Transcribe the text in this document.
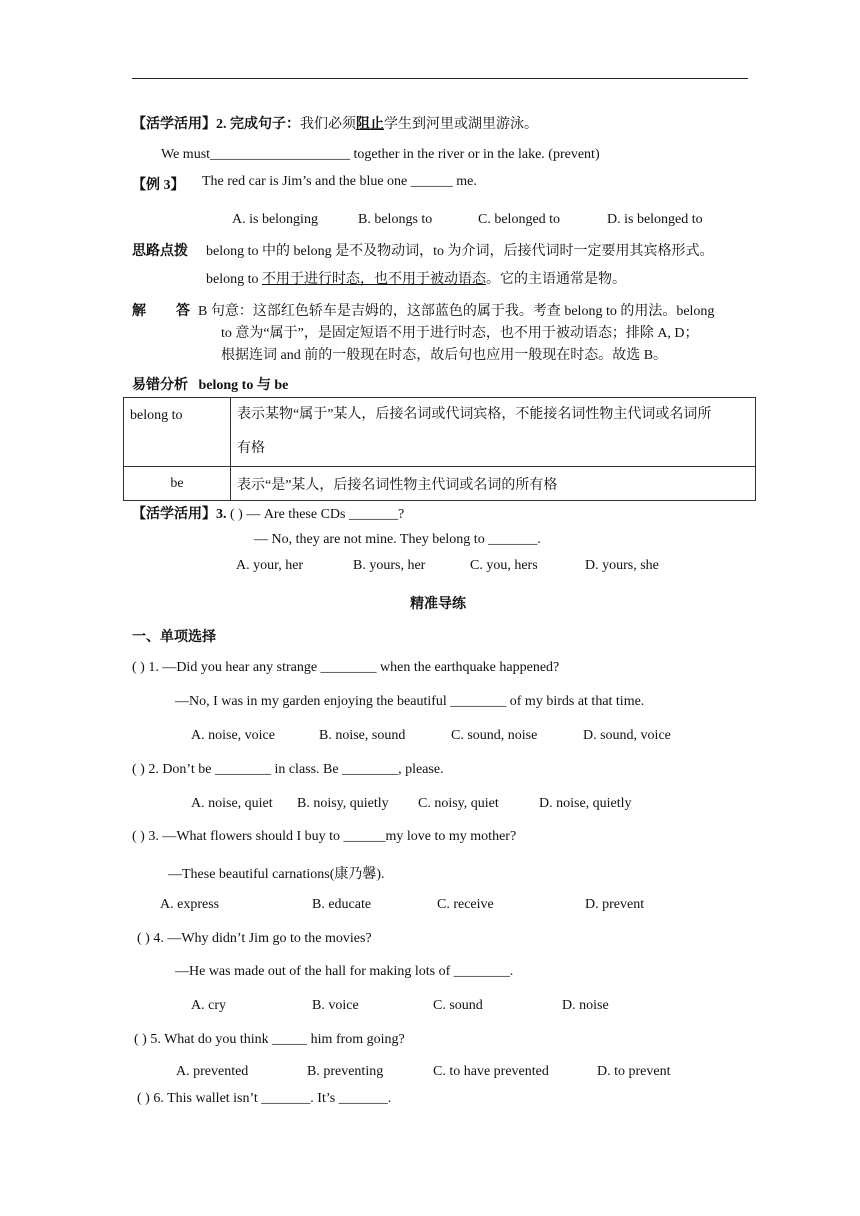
【活学活用】2. 完成句子：我们必须阻止学生到河里或湖里游泳。
We must____________________ together in the river or in the lake. (prevent)
【例 3】 The red car is Jim’s and the blue one ______ me.
A. is belonging	B. belongs to	C. belonged to	D. is belonged to
思路点拨 belong to 中的 belong 是不及物动词，to 为介词，后接代词时一定要用其宾格形式。
belong to 不用于进行时态，也不用于被动语态。它的主语通常是物。
解 答 B 句意：这部红色轿车是吉姆的，这部蓝色的属于我。考查 belong to 的用法。belong
to 意为“属于”，是固定短语不用于进行时态，也不用于被动语态；排除 A, D；
根据连词 and 前的一般现在时态，故后句也应用一般现在时态。故选 B。
易错分析 belong to 与 be
belong to	表示某物“属于”某人，后接名词或代词宾格，不能接名词性物主代词或名词所
有格

be	表示“是”某人，后接名词性物主代词或名词的所有格
【活学活用】3. ( ) — Are these CDs _______?
— No, they are not mine. They belong to _______.
A. your, her	B. yours, her	C. you, hers	D. yours, she
精准导练
一、单项选择
( ) 1. —Did you hear any strange ________ when the earthquake happened?
—No, I was in my garden enjoying the beautiful ________ of my birds at that time.
A. noise, voice	B. noise, sound	C. sound, noise	D. sound, voice
( ) 2. Don’t be ________ in class. Be ________, please.
A. noise, quiet B. noisy, quietly C. noisy, quiet	D. noise, quietly
( ) 3. —What flowers should I buy to ______my love to my mother?
—These beautiful carnations(康乃馨).
A. express	B. educate	C. receive	D. prevent
( ) 4. —Why didn’t Jim go to the movies?
—He was made out of the hall for making lots of ________.
A. cry	B. voice	C. sound	D. noise
( ) 5. What do you think _____ him from going?
A. prevented	B. preventing	C. to have prevented	D. to prevent
( ) 6. This wallet isn’t _______. It’s _______.
